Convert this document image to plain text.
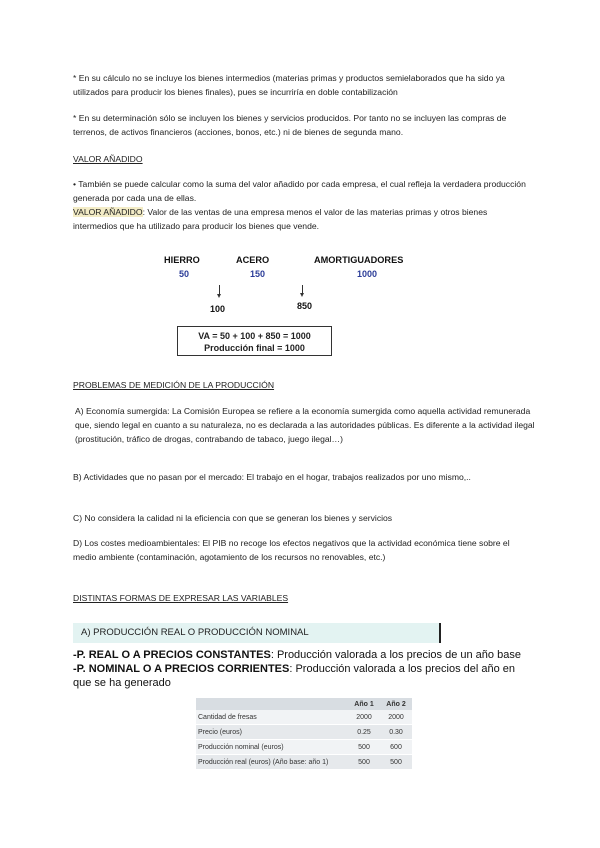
* En su cálculo no se incluye los bienes intermedios (materias primas y productos semielaborados que ha sido ya utilizados para producir los bienes finales), pues se incurriría en doble contabilización
* En su determinación sólo se incluyen los bienes y servicios producidos. Por tanto no se incluyen las compras de terrenos, de activos financieros (acciones, bonos, etc.) ni de bienes de segunda mano.
VALOR AÑADIDO
• También se puede calcular como la suma del valor añadido por cada empresa, el cual refleja la verdadera producción generada por cada una de ellas.
VALOR AÑADIDO: Valor de las ventas de una empresa menos el valor de las materias primas y otros bienes intermedios que ha utilizado para producir los bienes que vende.
HIERRO	ACERO	AMORTIGUADORES
50	150	1000
100	850
VA = 50 + 100 + 850 = 1000
Producción final = 1000
PROBLEMAS DE MEDICIÓN DE LA PRODUCCIÓN
A) Economía sumergida: La Comisión Europea se refiere a la economía sumergida como aquella actividad remunerada que, siendo legal en cuanto a su naturaleza, no es declarada a las autoridades públicas. Es diferente a la actividad ilegal (prostitución, tráfico de drogas, contrabando de tabaco, juego ilegal…)
B) Actividades que no pasan por el mercado: El trabajo en el hogar, trabajos realizados por uno mismo,..
C) No considera la calidad ni la eficiencia con que se generan los bienes y servicios
D) Los costes medioambientales: El PIB no recoge los efectos negativos que la actividad económica tiene sobre el medio ambiente (contaminación, agotamiento de los recursos no renovables, etc.)
DISTINTAS FORMAS DE EXPRESAR LAS VARIABLES
A) PRODUCCIÓN REAL O PRODUCCIÓN NOMINAL
-P. REAL O A PRECIOS CONSTANTES: Producción valorada a los precios de un año base
-P. NOMINAL O A PRECIOS CORRIENTES: Producción valorada a los precios del año en que se ha generado
	Año 1	Año 2
Cantidad de fresas	2000	2000
Precio (euros)	0.25	0.30
Producción nominal (euros)	500	600
Producción real (euros) (Año base: año 1)	500	500
